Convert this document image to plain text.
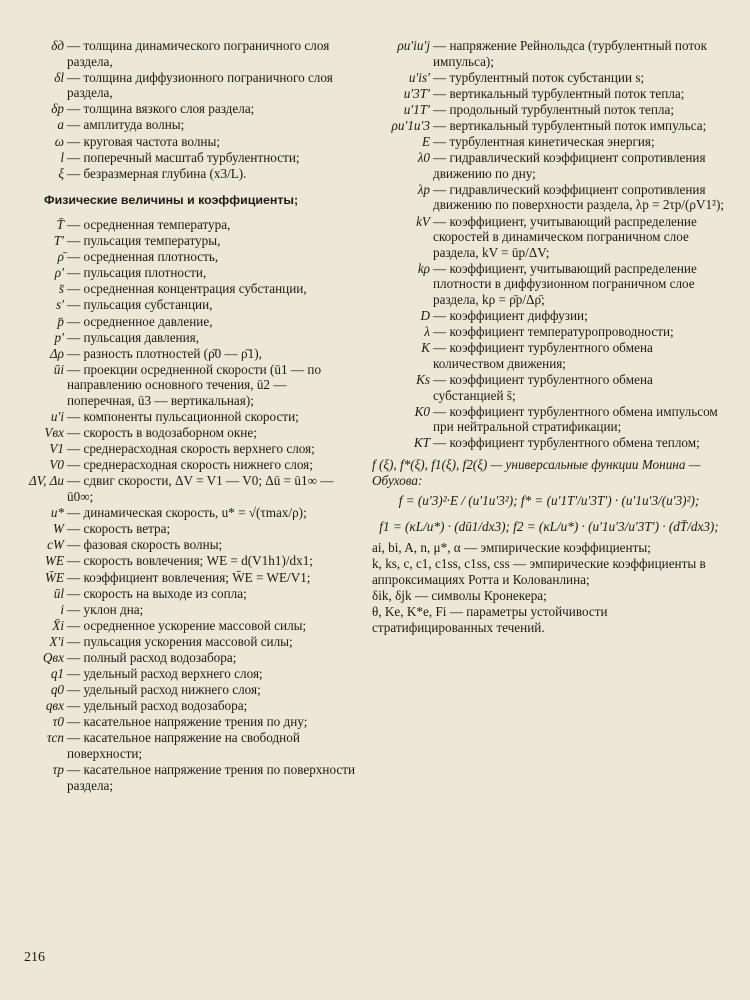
δд — толщина динамического пограничного слоя раздела,
δl — толщина диффузионного пограничного слоя раздела,
δр — толщина вязкого слоя раздела;
a — амплитуда волны;
ω — круговая частота волны;
l — поперечный масштаб турбулентности;
ξ — безразмерная глубина (x3/L).
Физические величины и коэффициенты;
T̄ — осредненная температура,
T′ — пульсация температуры,
ρ̄ — осредненная плотность,
ρ′ — пульсация плотности,
s̄ — осредненная концентрация субстанции,
s′ — пульсация субстанции,
p̄ — осредненное давление,
p′ — пульсация давления,
Δρ — разность плотностей (ρ̄0 — ρ̄1),
ūi — проекции осредненной скорости (ū1 — по направлению основного течения, ū2 — поперечная, ū3 — вертикальная);
u′i — компоненты пульсационной скорости;
Vвх — скорость в водозаборном окне;
V1 — среднерасходная скорость верхнего слоя;
V0 — среднерасходная скорость нижнего слоя;
ΔV, Δu — сдвиг скорости, ΔV = V1 — V0; Δū = ū1∞ — ū0∞;
u* — динамическая скорость, u* = √(τmax/ρ);
W — скорость ветра;
cW — фазовая скорость волны;
WE — скорость вовлечения; WE = d(V1h1)/dx1;
W̄E — коэффициент вовлечения; W̄E = WE/V1;
ūl — скорость на выходе из сопла;
i — уклон дна;
X̄i — осредненное ускорение массовой силы;
X′i — пульсация ускорения массовой силы;
Qвх — полный расход водозабора;
q1 — удельный расход верхнего слоя;
q0 — удельный расход нижнего слоя;
qвх — удельный расход водозабора;
τ0 — касательное напряжение трения по дну;
τсп — касательное напряжение на свободной поверхности;
τр — касательное напряжение трения по поверхности раздела;
ρu′iu′j — напряжение Рейнольдса (турбулентный поток импульса);
u′is′ — турбулентный поток субстанции s;
u′3T′ — вертикальный турбулентный поток тепла;
u′1T′ — продольный турбулентный поток тепла;
ρu′1u′3 — вертикальный турбулентный поток импульса;
E — турбулентная кинетическая энергия;
λ0 — гидравлический коэффициент сопротивления движению по дну;
λр — гидравлический коэффициент сопротивления движению по поверхности раздела, λр = 2τр/(ρV1²);
kV — коэффициент, учитывающий распределение скоростей в динамическом пограничном слое раздела, kV = ūр/ΔV;
kρ — коэффициент, учитывающий распределение плотности в диффузионном пограничном слое раздела, kρ = ρ̄р/Δρ̄;
D — коэффициент диффузии;
λ — коэффициент температуропроводности;
K — коэффициент турбулентного обмена количеством движения;
Ks — коэффициент турбулентного обмена субстанцией s̄;
K0 — коэффициент турбулентного обмена импульсом при нейтральной стратификации;
KT — коэффициент турбулентного обмена теплом;
f (ξ), f*(ξ), f1(ξ), f2(ξ) — универсальные функции Монина — Обухова:
f = (u′3)²·E / (u′1u′3²); f* = (u′1T′/u′3T′) · (u′1u′3/(u′3)²);
f1 = (κL/u*) · (dū1/dx3); f2 = (κL/u*) · (u′1u′3/u′3T′) · (dT̄/dx3);
ai, bi, A, n, μ*, α — эмпирические коэффициенты;
k, ks, c, c1, c1ss, c1ss, css — эмпирические коэффициенты в аппроксимациях Ротта и Колованлина;
δik, δjk — символы Кронекера;
θ, Ke, K*e, Fi — параметры устойчивости стратифицированных течений.
216
